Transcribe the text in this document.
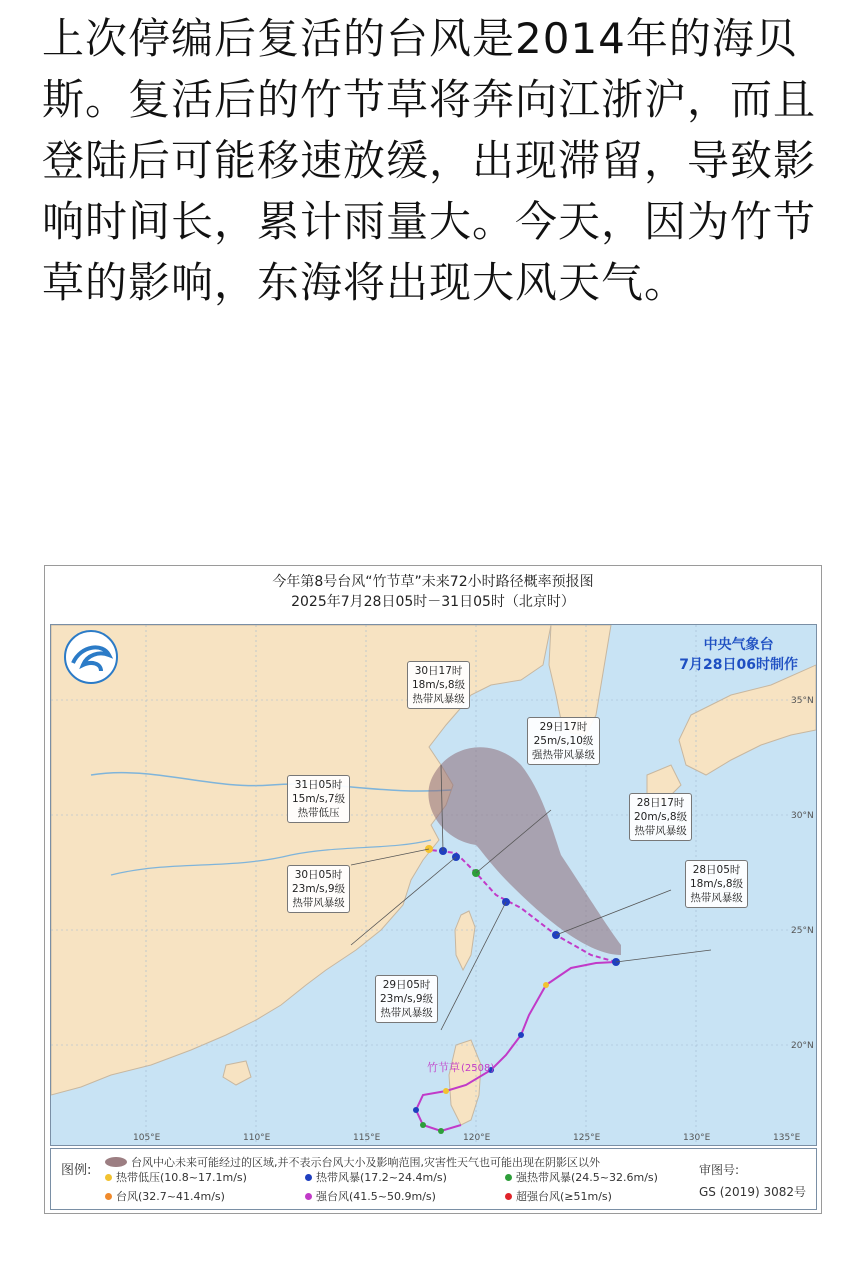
上次停编后复活的台风是2014年的海贝斯。复活后的竹节草将奔向江浙沪，而且登陆后可能移速放缓，出现滞留，导致影响时间长，累计雨量大。今天，因为竹节草的影响，东海将出现大风天气。

今年第8号台风“竹节草”未来72小时路径概率预报图
2025年7月28日05时－31日05时（北京时）
105°E	110°E	115°E	120°E	125°E	130°E	135°E
35°N
30°N
25°N
20°N
竹节草 (2508)
中央气象台
7月28日06时制作
30日17时
18m/s,8级
热带风暴级
29日17时
25m/s,10级
强热带风暴级
31日05时
15m/s,7级
热带低压
28日17时
20m/s,8级
热带风暴级
30日05时
23m/s,9级
热带风暴级
28日05时
18m/s,8级
热带风暴级
29日05时
23m/s,9级
热带风暴级
图例:
台风中心未来可能经过的区域,并不表示台风大小及影响范围,灾害性天气也可能出现在阴影区以外
热带低压(10.8~17.1m/s)	热带风暴(17.2~24.4m/s)	强热带风暴(24.5~32.6m/s)
台风(32.7~41.4m/s)	强台风(41.5~50.9m/s)	超强台风(≥51m/s)
审图号:
GS (2019) 3082号
